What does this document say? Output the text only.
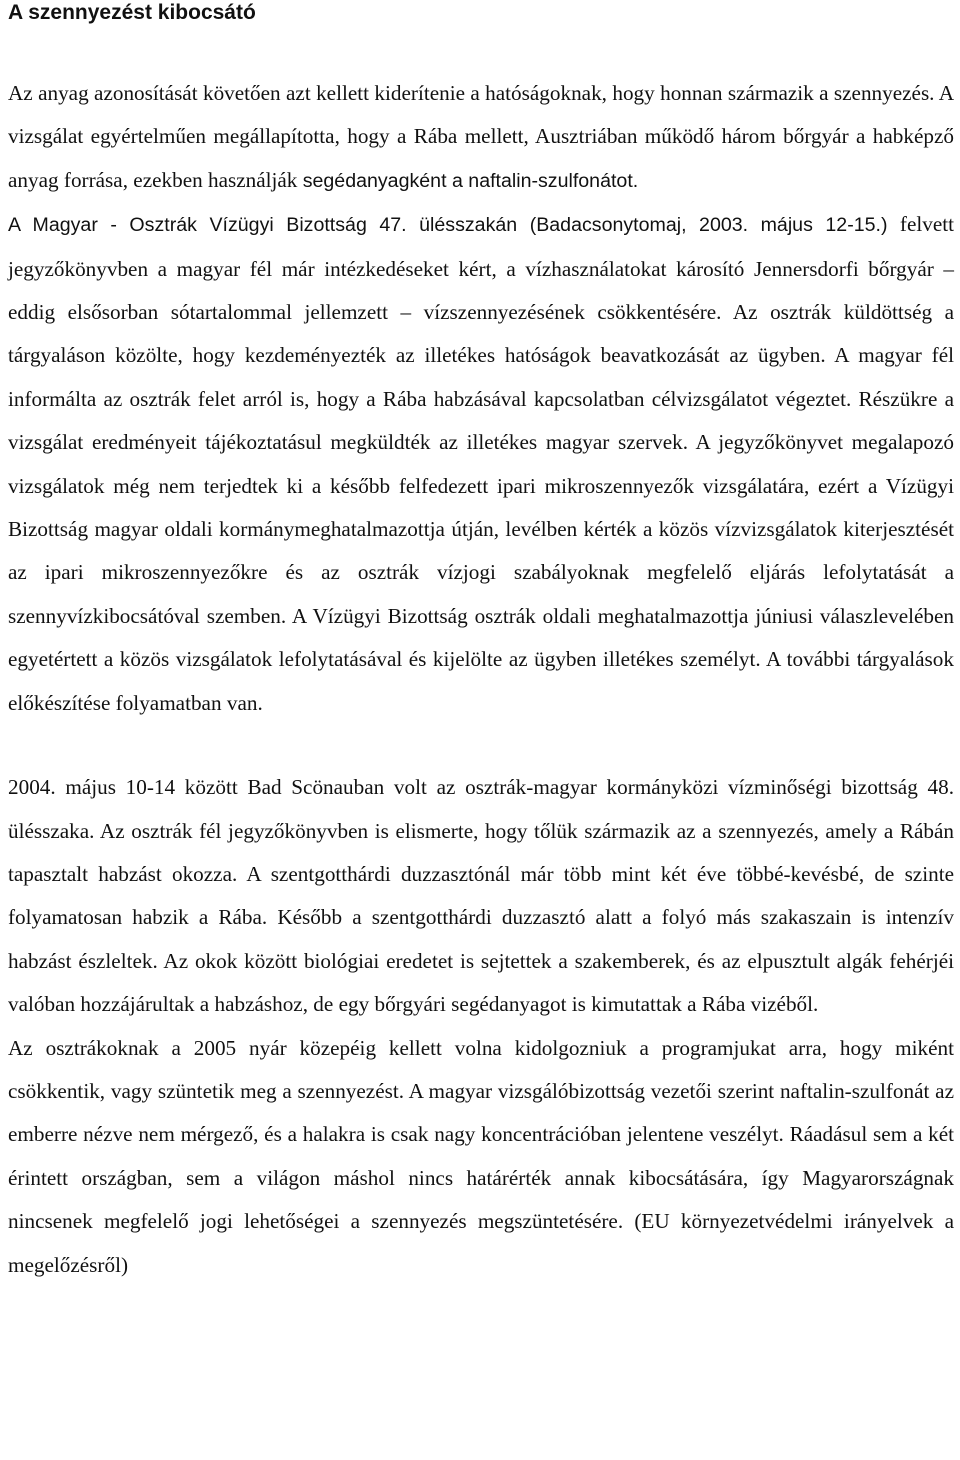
A szennyezést kibocsátó

Az anyag azonosítását követően azt kellett kiderítenie a hatóságoknak, hogy honnan származik a szennyezés. A vizsgálat egyértelműen megállapította, hogy a Rába mellett, Ausztriában működő három bőrgyár a habképző anyag forrása, ezekben használják segédanyagként a naftalin-szulfonátot.

A Magyar - Osztrák Vízügyi Bizottság 47. ülésszakán (Badacsonytomaj, 2003. május 12-15.) felvett jegyzőkönyvben a magyar fél már intézkedéseket kért, a vízhasználatokat károsító Jennersdorfi bőrgyár – eddig elsősorban sótartalommal jellemzett – vízszennyezésének csökkentésére. Az osztrák küldöttség a tárgyaláson közölte, hogy kezdeményezték az illetékes hatóságok beavatkozását az ügyben. A magyar fél informálta az osztrák felet arról is, hogy a Rába habzásával kapcsolatban célvizsgálatot végeztet. Részükre a vizsgálat eredményeit tájékoztatásul megküldték az illetékes magyar szervek. A jegyzőkönyvet megalapozó vizsgálatok még nem terjedtek ki a később felfedezett ipari mikroszennyezők vizsgálatára, ezért a Vízügyi Bizottság magyar oldali kormánymeghatalmazottja útján, levélben kérték a közös vízvizsgálatok kiterjesztését az ipari mikroszennyezőkre és az osztrák vízjogi szabályoknak megfelelő eljárás lefolytatását a szennyvízkibocsátóval szemben. A Vízügyi Bizottság osztrák oldali meghatalmazottja júniusi válaszlevelében egyetértett a közös vizsgálatok lefolytatásával és kijelölte az ügyben illetékes személyt. A további tárgyalások előkészítése folyamatban van.

2004. május 10-14 között Bad Scönauban volt az osztrák-magyar kormányközi vízminőségi bizottság 48. ülésszaka. Az osztrák fél jegyzőkönyvben is elismerte, hogy tőlük származik az a szennyezés, amely a Rábán tapasztalt habzást okozza. A szentgotthárdi duzzasztónál már több mint két éve többé-kevésbé, de szinte folyamatosan habzik a Rába. Később a szentgotthárdi duzzasztó alatt a folyó más szakaszain is intenzív habzást észleltek. Az okok között biológiai eredetet is sejtettek a szakemberek, és az elpusztult algák fehérjéi valóban hozzájárultak a habzáshoz, de egy bőrgyári segédanyagot is kimutattak a Rába vizéből.

Az osztrákoknak a 2005 nyár közepéig kellett volna kidolgozniuk a programjukat arra, hogy miként csökkentik, vagy szüntetik meg a szennyezést. A magyar vizsgálóbizottság vezetői szerint naftalin-szulfonát az emberre nézve nem mérgező, és a halakra is csak nagy koncentrációban jelentene veszélyt. Ráadásul sem a két érintett országban, sem a világon máshol nincs határérték annak kibocsátására, így Magyarországnak nincsenek megfelelő jogi lehetőségei a szennyezés megszüntetésére. (EU környezetvédelmi irányelvek a megelőzésről)
